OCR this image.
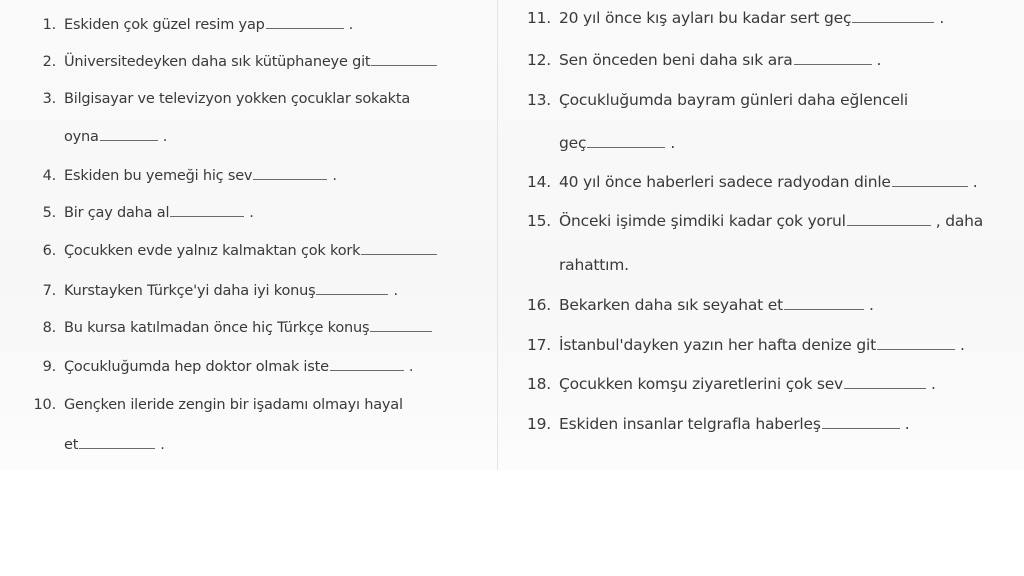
1. Eskiden çok güzel resim yap	.
2. Üniversitedeyken daha sık kütüphaneye git
3. Bilgisayar ve televizyon yokken çocuklar sokakta
oyna	.
4. Eskiden bu yemeği hiç sev	.
5. Bir çay daha al	.
6. Çocukken evde yalnız kalmaktan çok kork
7. Kurstayken Türkçe'yi daha iyi konuş	.
8. Bu kursa katılmadan önce hiç Türkçe konuş
9. Çocukluğumda hep doktor olmak iste	.
10. Gençken ileride zengin bir işadamı olmayı hayal
et	.
11. 20 yıl önce kış ayları bu kadar sert geç	.
12. Sen önceden beni daha sık ara	.
13. Çocukluğumda bayram günleri daha eğlenceli
geç	.
14. 40 yıl önce haberleri sadece radyodan dinle	.
15. Önceki işimde şimdiki kadar çok yorul	, daha
rahattım.
16. Bekarken daha sık seyahat et	.
17. İstanbul'dayken yazın her hafta denize git	.
18. Çocukken komşu ziyaretlerini çok sev	.
19. Eskiden insanlar telgrafla haberleş	.
